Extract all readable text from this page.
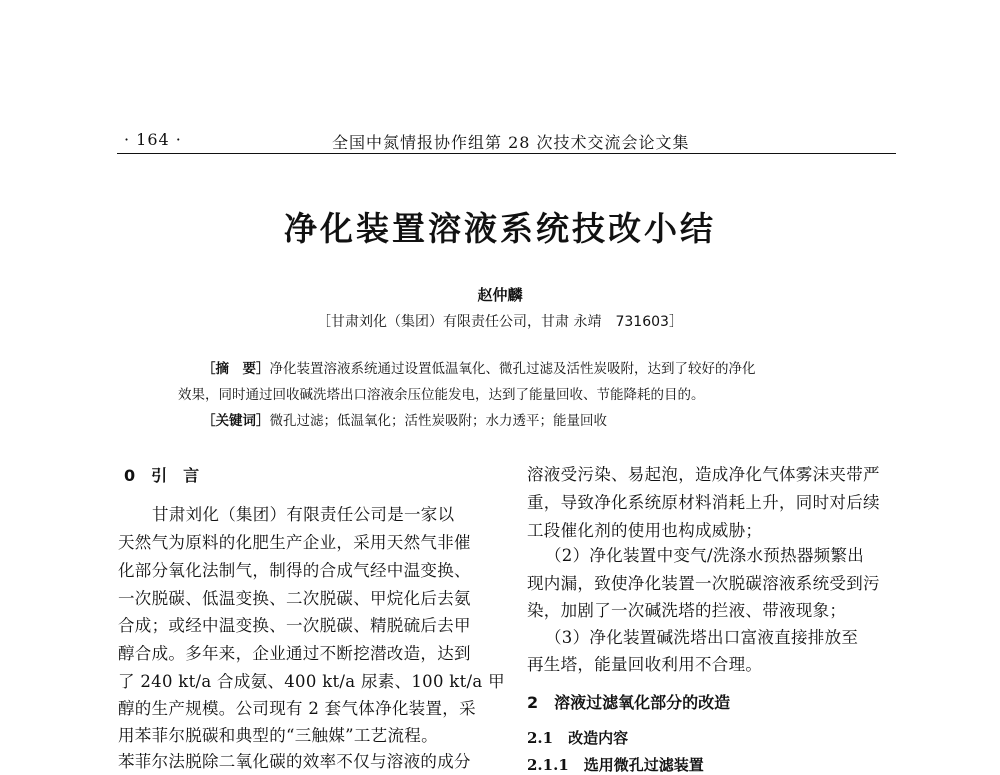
· 164 ·	全国中氮情报协作组第 28 次技术交流会论文集
净化装置溶液系统技改小结
赵仲麟
［甘肃刘化（集团）有限责任公司，甘肃 永靖　731603］
［摘　要］净化装置溶液系统通过设置低温氧化、微孔过滤及活性炭吸附，达到了较好的净化
效果，同时通过回收碱洗塔出口溶液余压位能发电，达到了能量回收、节能降耗的目的。
［关键词］微孔过滤；低温氧化；活性炭吸附；水力透平；能量回收
0　引　言
甘肃刘化（集团）有限责任公司是一家以
天然气为原料的化肥生产企业，采用天然气非催
化部分氧化法制气，制得的合成气经中温变换、
一次脱碳、低温变换、二次脱碳、甲烷化后去氨
合成；或经中温变换、一次脱碳、精脱硫后去甲
醇合成。多年来，企业通过不断挖潜改造，达到
了 240 kt/a 合成氨、400 kt/a 尿素、100 kt/a 甲
醇的生产规模。公司现有 2 套气体净化装置，采
用苯菲尔脱碳和典型的“三触媒”工艺流程。
苯菲尔法脱除二氧化碳的效率不仅与溶液的成分
溶液受污染、易起泡，造成净化气体雾沫夹带严
重，导致净化系统原材料消耗上升，同时对后续
工段催化剂的使用也构成威胁；
（2）净化装置中变气/洗涤水预热器频繁出
现内漏，致使净化装置一次脱碳溶液系统受到污
染，加剧了一次碱洗塔的拦液、带液现象；
（3）净化装置碱洗塔出口富液直接排放至
再生塔，能量回收利用不合理。
2　溶液过滤氧化部分的改造
2.1　改造内容
2.1.1　选用微孔过滤装置
